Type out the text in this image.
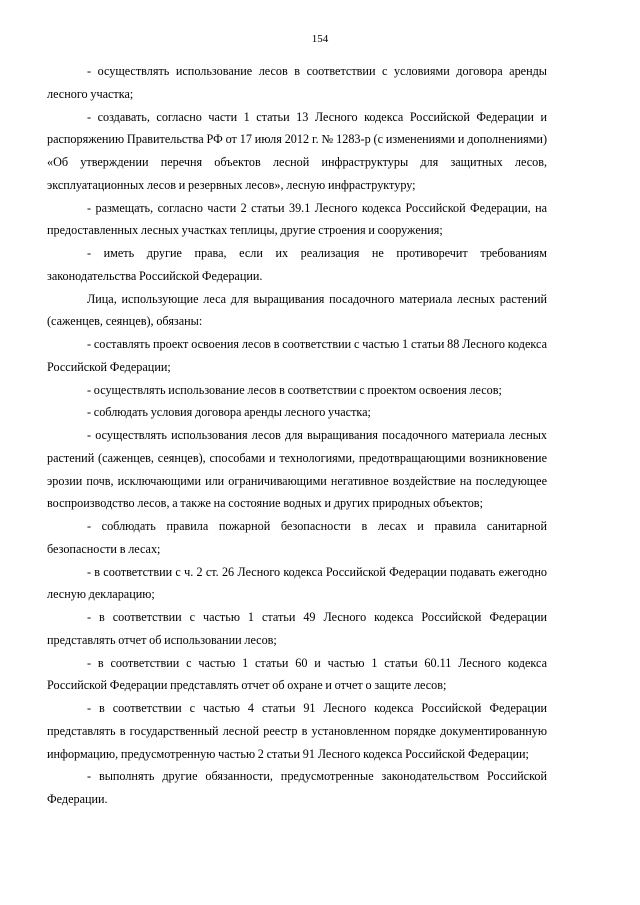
154

- осуществлять использование лесов в соответствии с условиями договора аренды лесного участка;

- создавать, согласно части 1 статьи 13 Лесного кодекса Российской Федерации и распоряжению Правительства РФ от 17 июля 2012 г. № 1283-р (с изменениями и дополнениями) «Об утверждении перечня объектов лесной инфраструктуры для защитных лесов, эксплуатационных лесов и резервных лесов», лесную инфраструктуру;

- размещать, согласно части 2 статьи 39.1 Лесного кодекса Российской Федерации, на предоставленных лесных участках теплицы, другие строения и сооружения;

- иметь другие права, если их реализация не противоречит требованиям законодательства Российской Федерации.

Лица, использующие леса для выращивания посадочного материала лесных растений (саженцев, сеянцев), обязаны:

- составлять проект освоения лесов в соответствии с частью 1 статьи 88 Лесного кодекса Российской Федерации;

- осуществлять использование лесов в соответствии с проектом освоения лесов;

- соблюдать условия договора аренды лесного участка;

- осуществлять использования лесов для выращивания посадочного материала лесных растений (саженцев, сеянцев), способами и технологиями, предотвращающими возникновение эрозии почв, исключающими или ограничивающими негативное воздействие на последующее воспроизводство лесов, а также на состояние водных и других природных объектов;

- соблюдать правила пожарной безопасности в лесах и правила санитарной безопасности в лесах;

- в соответствии с ч. 2 ст. 26 Лесного кодекса Российской Федерации подавать ежегодно лесную декларацию;

- в соответствии с частью 1 статьи 49 Лесного кодекса Российской Федерации представлять отчет об использовании лесов;

- в соответствии с частью 1 статьи 60 и частью 1 статьи 60.11 Лесного кодекса Российской Федерации представлять отчет об охране и отчет о защите лесов;

- в соответствии с частью 4 статьи 91 Лесного кодекса Российской Федерации представлять в государственный лесной реестр в установленном порядке документированную информацию, предусмотренную частью 2 статьи 91 Лесного кодекса Российской Федерации;

- выполнять другие обязанности, предусмотренные законодательством Российской Федерации.
